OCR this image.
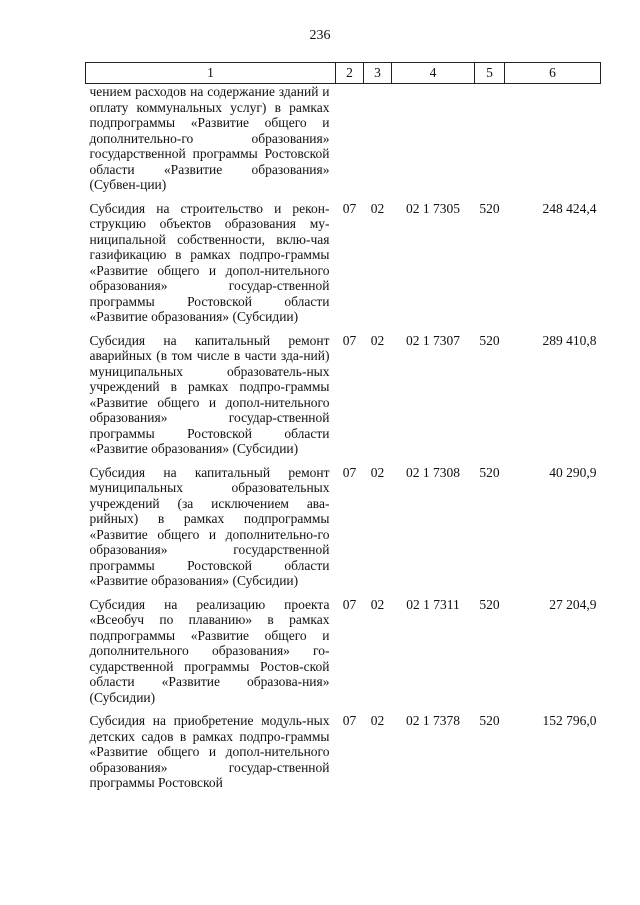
236
1	2	3	4	5	6
чением расходов на содержание зданий и оплату коммунальных услуг) в рамках подпрограммы «Развитие общего и дополнительно-го образования» государственной программы Ростовской области «Развитие образования» (Субвен-ции)					
Субсидия на строительство и рекон-струкцию объектов образования му-ниципальной собственности, вклю-чая газификацию в рамках подпро-граммы «Развитие общего и допол-нительного образования» государ-ственной программы Ростовской области «Развитие образования» (Субсидии)	07	02	02 1 7305	520	248 424,4
Субсидия на капитальный ремонт аварийных (в том числе в части зда-ний) муниципальных образователь-ных учреждений в рамках подпро-граммы «Развитие общего и допол-нительного образования» государ-ственной программы Ростовской области «Развитие образования» (Субсидии)	07	02	02 1 7307	520	289 410,8
Субсидия на капитальный ремонт муниципальных образовательных учреждений (за исключением ава-рийных) в рамках подпрограммы «Развитие общего и дополнительно-го образования» государственной программы Ростовской области «Развитие образования» (Субсидии)	07	02	02 1 7308	520	40 290,9
Субсидия на реализацию проекта «Всеобуч по плаванию» в рамках подпрограммы «Развитие общего и дополнительного образования» го-сударственной программы Ростов-ской области «Развитие образова-ния» (Субсидии)	07	02	02 1 7311	520	27 204,9
Субсидия на приобретение модуль-ных детских садов в рамках подпро-граммы «Развитие общего и допол-нительного образования» государ-ственной программы Ростовской	07	02	02 1 7378	520	152 796,0
